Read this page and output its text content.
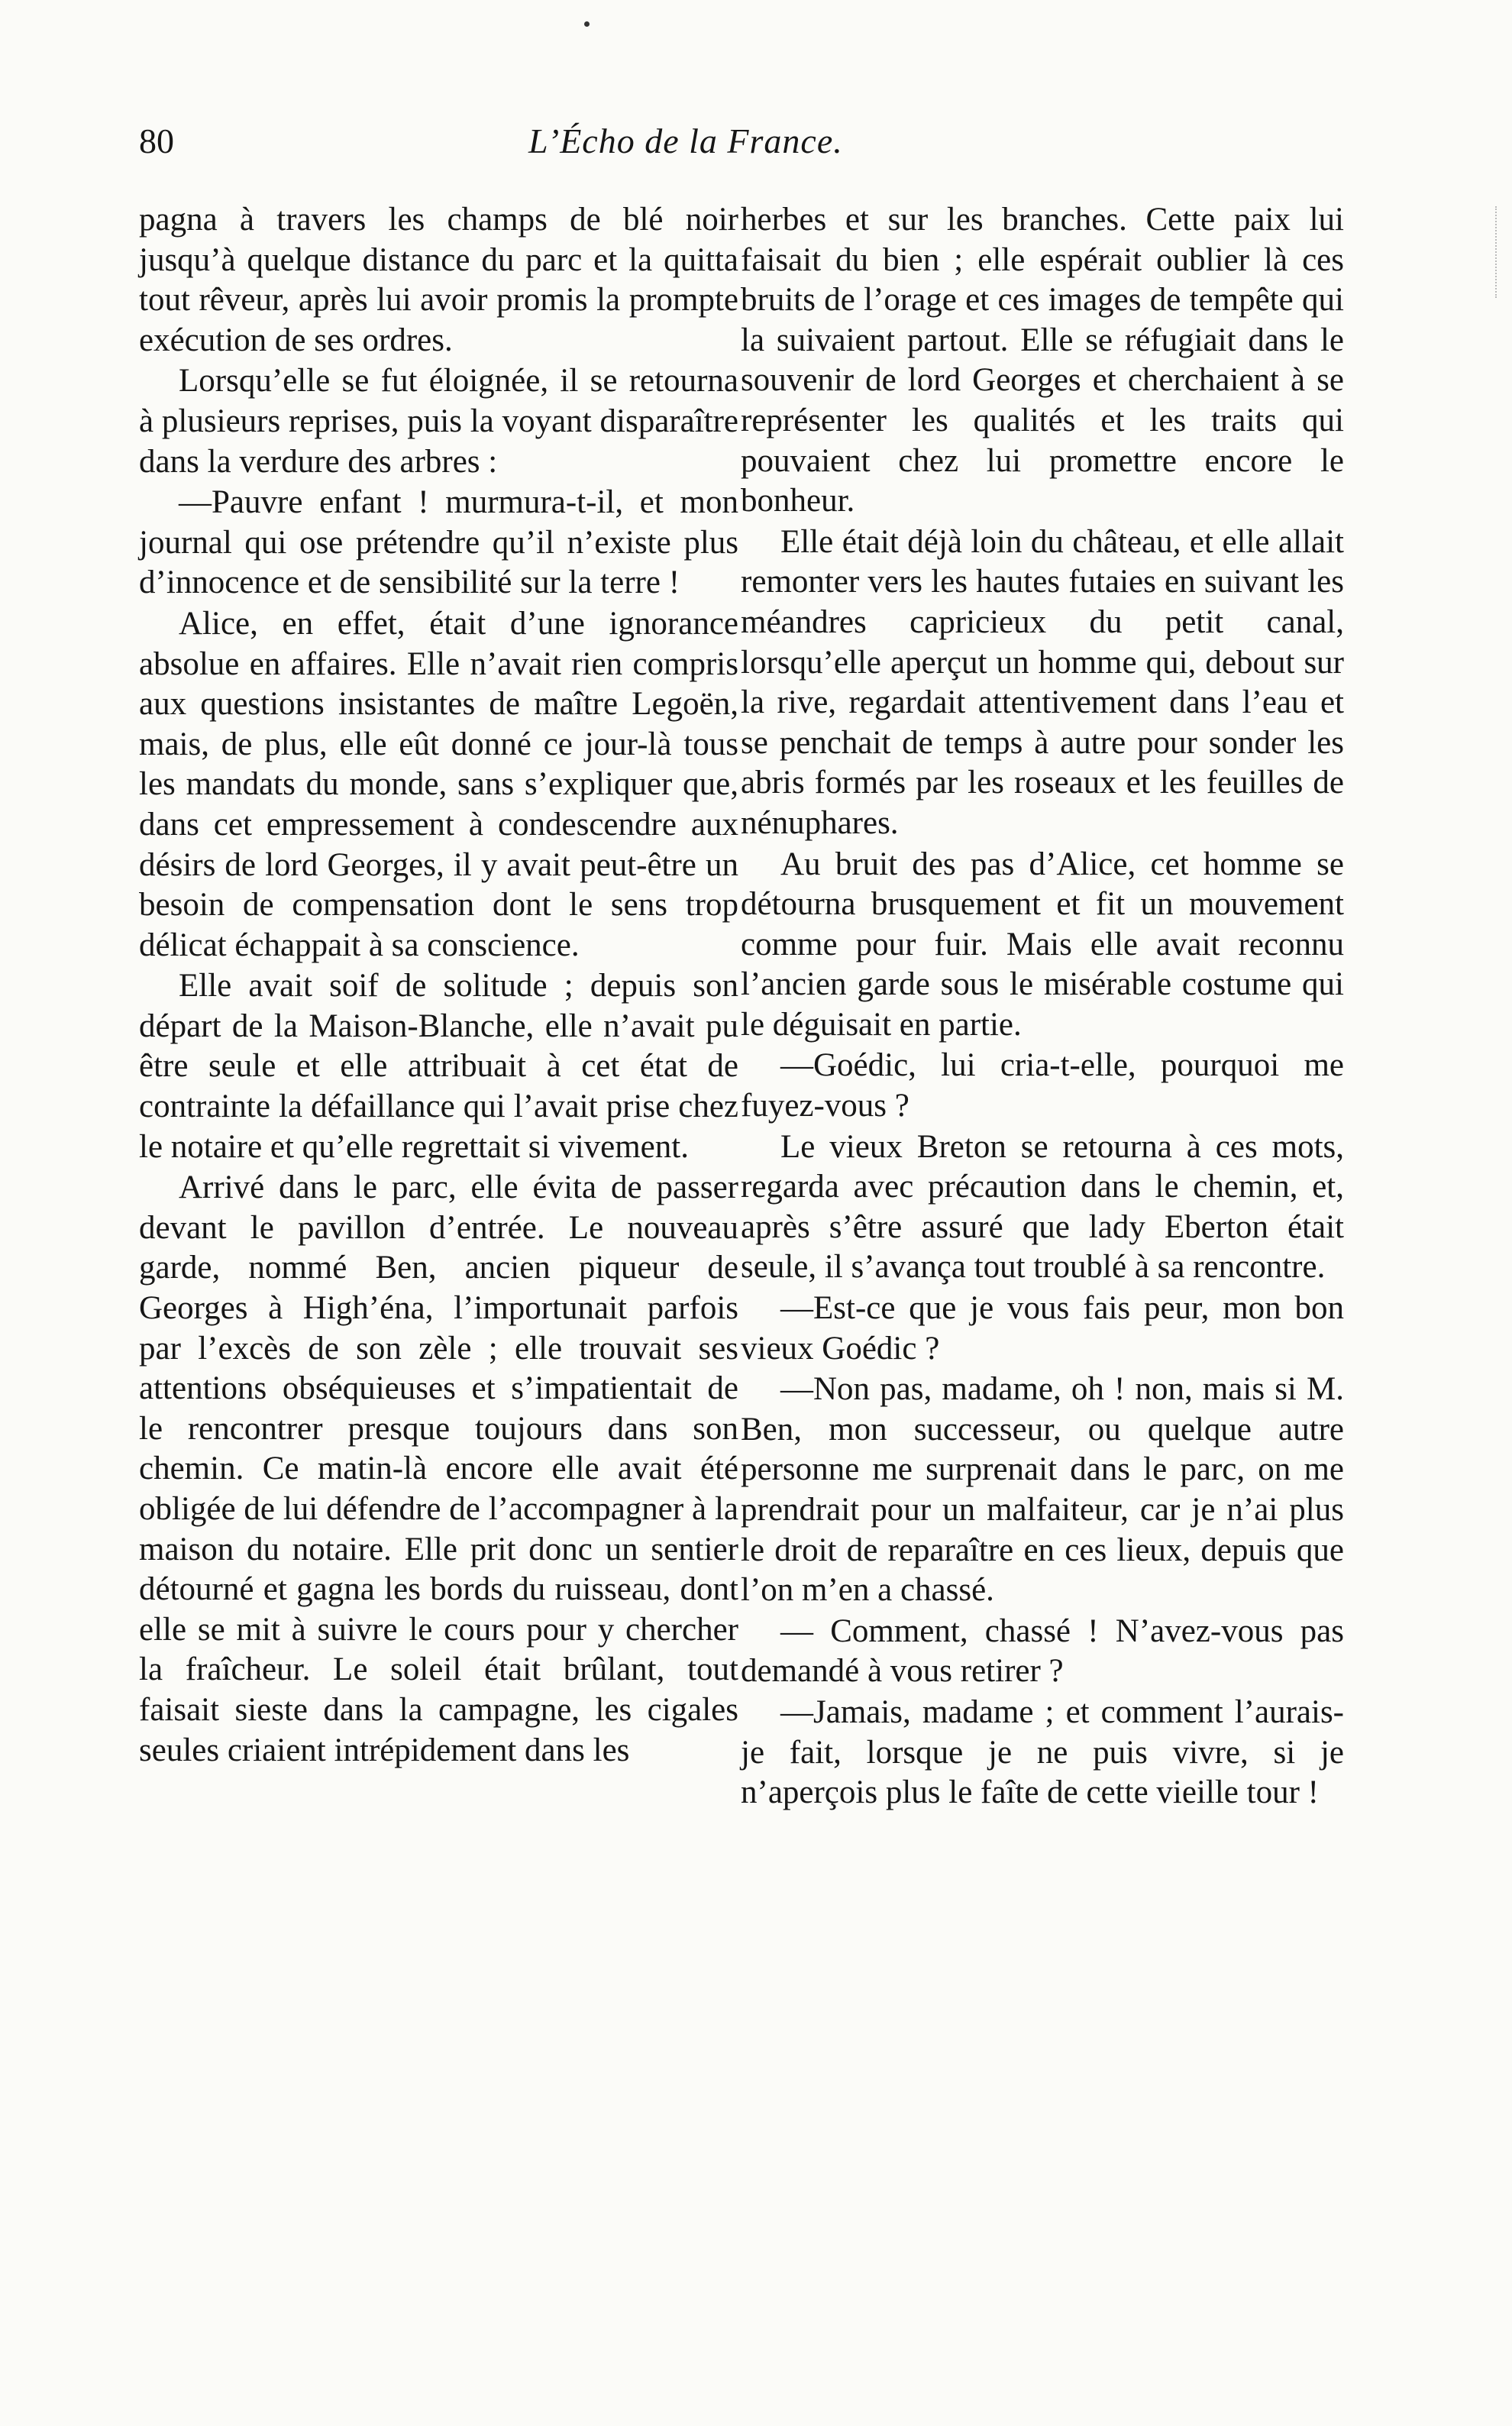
80	L’Écho de la France.

pagna à travers les champs de blé noir jusqu’à quelque distance du parc et la quitta tout rêveur, après lui avoir promis la prompte exécution de ses ordres.

Lorsqu’elle se fut éloignée, il se retourna à plusieurs reprises, puis la voyant disparaître dans la verdure des arbres :

—Pauvre enfant ! murmura-t-il, et mon journal qui ose prétendre qu’il n’existe plus d’innocence et de sensibilité sur la terre !

Alice, en effet, était d’une ignorance absolue en affaires. Elle n’avait rien compris aux questions insistantes de maître Legoën, mais, de plus, elle eût donné ce jour-là tous les mandats du monde, sans s’expliquer que, dans cet empressement à condescendre aux désirs de lord Georges, il y avait peut-être un besoin de compensation dont le sens trop délicat échappait à sa conscience.

Elle avait soif de solitude ; depuis son départ de la Maison-Blanche, elle n’avait pu être seule et elle attribuait à cet état de contrainte la défaillance qui l’avait prise chez le notaire et qu’elle regrettait si vivement.

Arrivé dans le parc, elle évita de passer devant le pavillon d’entrée. Le nouveau garde, nommé Ben, ancien piqueur de Georges à High’éna, l’importunait parfois par l’excès de son zèle ; elle trouvait ses attentions obséquieuses et s’impatientait de le rencontrer presque toujours dans son chemin. Ce matin-là encore elle avait été obligée de lui défendre de l’accompagner à la maison du notaire. Elle prit donc un sentier détourné et gagna les bords du ruisseau, dont elle se mit à suivre le cours pour y chercher la fraîcheur. Le soleil était brûlant, tout faisait sieste dans la campagne, les cigales seules criaient intrépidement dans les

herbes et sur les branches. Cette paix lui faisait du bien ; elle espérait oublier là ces bruits de l’orage et ces images de tempête qui la suivaient partout. Elle se réfugiait dans le souvenir de lord Georges et cherchaient à se représenter les qualités et les traits qui pouvaient chez lui promettre encore le bonheur.

Elle était déjà loin du château, et elle allait remonter vers les hautes futaies en suivant les méandres capricieux du petit canal, lorsqu’elle aperçut un homme qui, debout sur la rive, regardait attentivement dans l’eau et se penchait de temps à autre pour sonder les abris formés par les roseaux et les feuilles de nénuphares.

Au bruit des pas d’Alice, cet homme se détourna brusquement et fit un mouvement comme pour fuir. Mais elle avait reconnu l’ancien garde sous le misérable costume qui le déguisait en partie.

—Goédic, lui cria-t-elle, pourquoi me fuyez-vous ?

Le vieux Breton se retourna à ces mots, regarda avec précaution dans le chemin, et, après s’être assuré que lady Eberton était seule, il s’avança tout troublé à sa rencontre.

—Est-ce que je vous fais peur, mon bon vieux Goédic ?

—Non pas, madame, oh ! non, mais si M. Ben, mon successeur, ou quelque autre personne me surprenait dans le parc, on me prendrait pour un malfaiteur, car je n’ai plus le droit de reparaître en ces lieux, depuis que l’on m’en a chassé.

— Comment, chassé ! N’avez-vous pas demandé à vous retirer ?

—Jamais, madame ; et comment l’aurais-je fait, lorsque je ne puis vivre, si je n’aperçois plus le faîte de cette vieille tour !
